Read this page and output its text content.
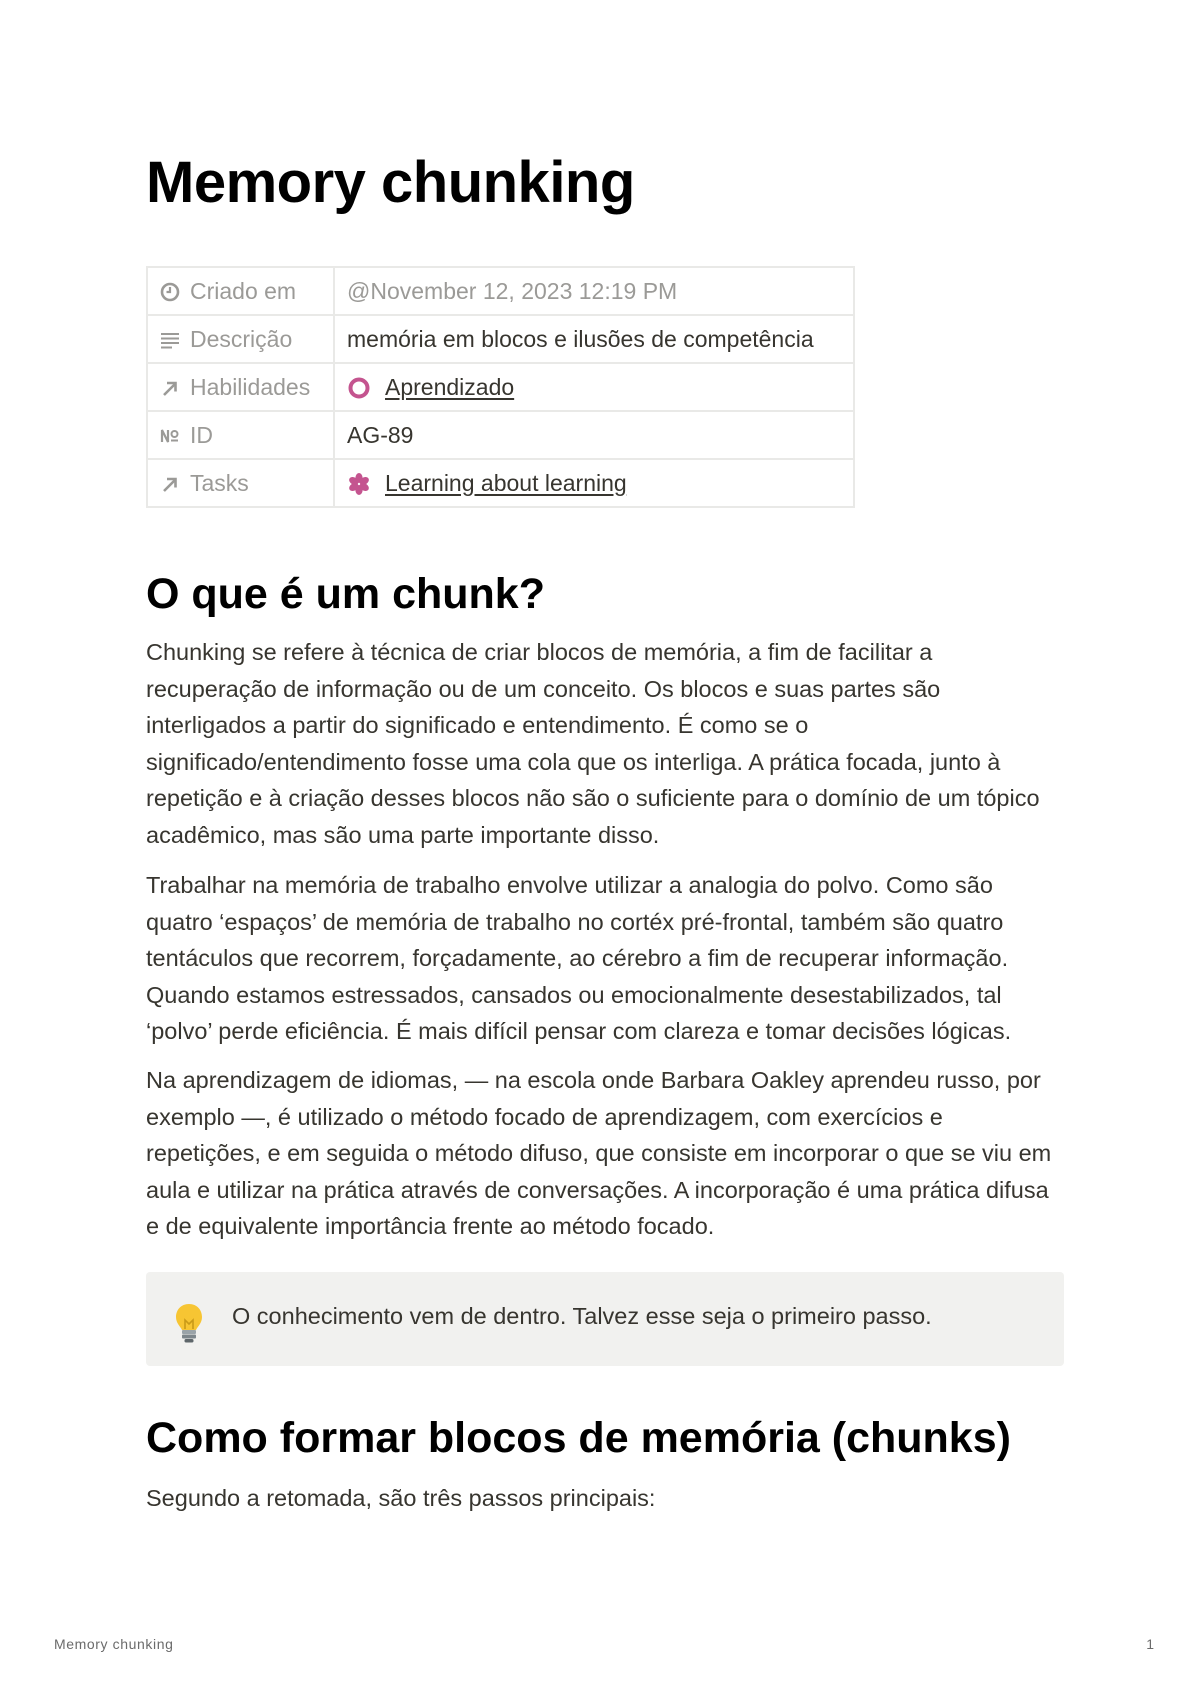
Memory chunking
Criado em	@November 12, 2023 12:19 PM

Descrição	memória em blocos e ilusões de competência

Habilidades	Aprendizado

ID	AG-89

Tasks	Learning about learning
O que é um chunk?

Chunking se refere à técnica de criar blocos de memória, a fim de facilitar a recuperação de informação ou de um conceito. Os blocos e suas partes são interligados a partir do significado e entendimento. É como se o significado/entendimento fosse uma cola que os interliga. A prática focada, junto à repetição e à criação desses blocos não são o suficiente para o domínio de um tópico acadêmico, mas são uma parte importante disso.

Trabalhar na memória de trabalho envolve utilizar a analogia do polvo. Como são quatro ‘espaços’ de memória de trabalho no cortéx pré-frontal, também são quatro tentáculos que recorrem, forçadamente, ao cérebro a fim de recuperar informação. Quando estamos estressados, cansados ou emocionalmente desestabilizados, tal ‘polvo’ perde eficiência. É mais difícil pensar com clareza e tomar decisões lógicas.

Na aprendizagem de idiomas, — na escola onde Barbara Oakley aprendeu russo, por exemplo —, é utilizado o método focado de aprendizagem, com exercícios e repetições, e em seguida o método difuso, que consiste em incorporar o que se viu em aula e utilizar na prática através de conversações. A incorporação é uma prática difusa e de equivalente importância frente ao método focado.

O conhecimento vem de dentro. Talvez esse seja o primeiro passo.
Como formar blocos de memória (chunks)

Segundo a retomada, são três passos principais:

Memory chunking	1
